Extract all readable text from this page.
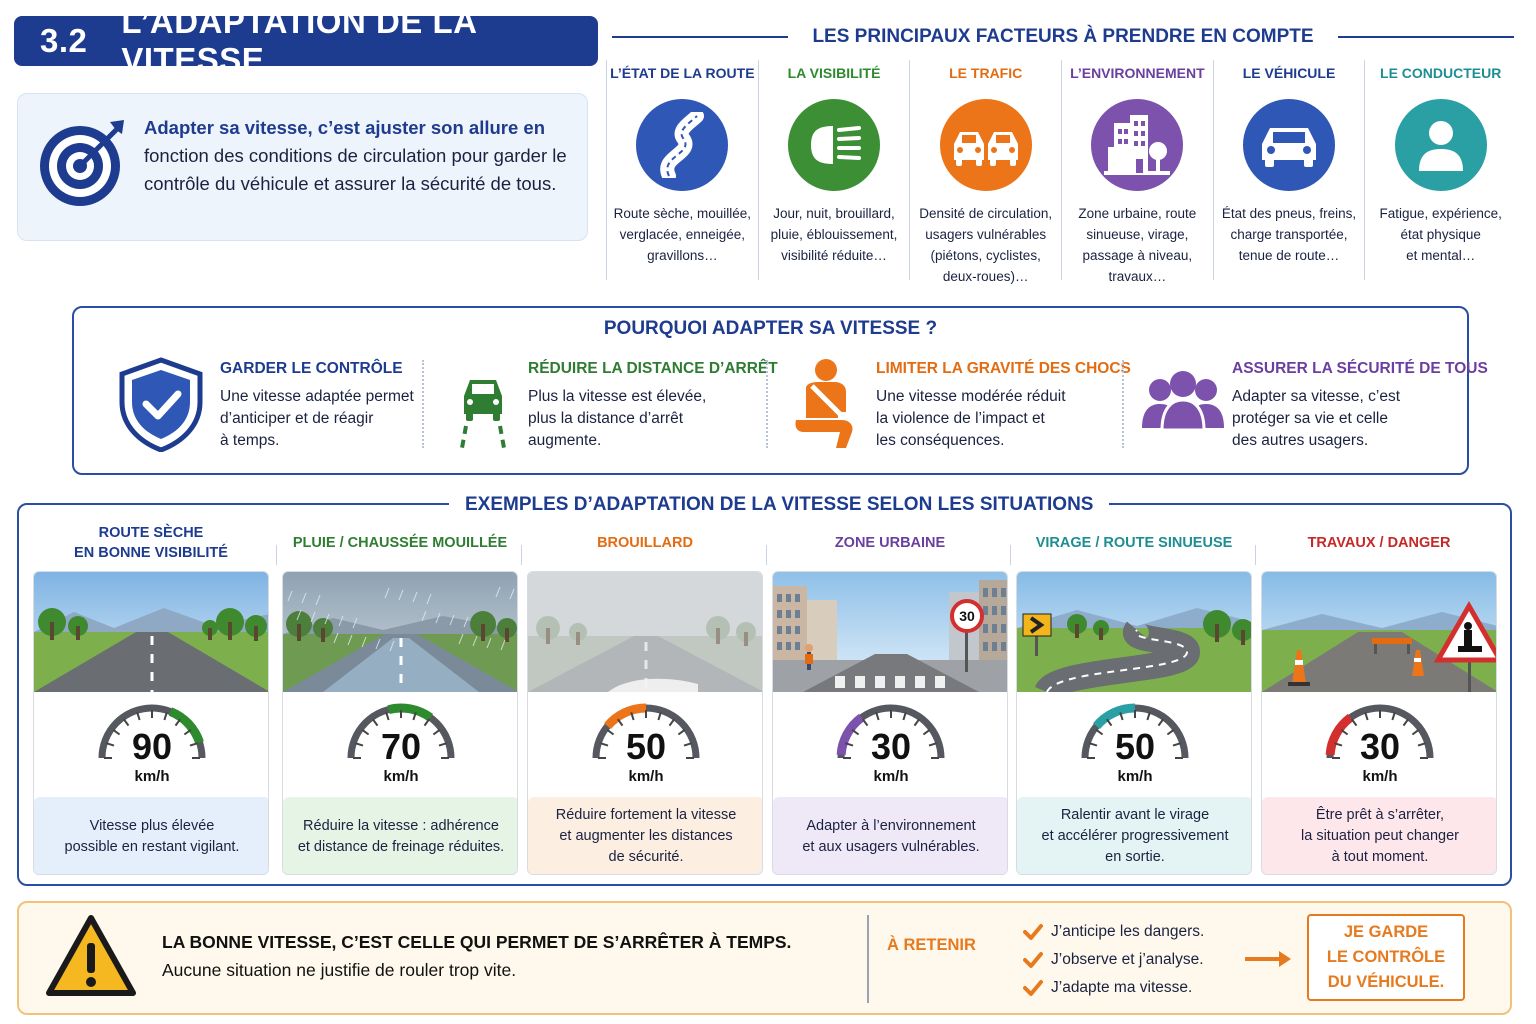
3.2
L’ADAPTATION DE LA VITESSE
Adapter sa vitesse, c’est ajuster son allure en fonction des conditions de circulation pour garder le contrôle du véhicule et assurer la sécurité de tous.
LES PRINCIPAUX FACTEURS À PRENDRE EN COMPTE
L’ÉTAT DE LA ROUTE
Route sèche, mouillée,
verglacée, enneigée,
gravillons…
LA VISIBILITÉ
Jour, nuit, brouillard,
pluie, éblouissement,
visibilité réduite…
LE TRAFIC
Densité de circulation,
usagers vulnérables
(piétons, cyclistes,
deux-roues)…
L’ENVIRONNEMENT
Zone urbaine, route
sinueuse, virage,
passage à niveau,
travaux…
LE VÉHICULE
État des pneus, freins,
charge transportée,
tenue de route…
LE CONDUCTEUR
Fatigue, expérience,
état physique
et mental…
POURQUOI ADAPTER SA VITESSE ?
GARDER LE CONTRÔLE
Une vitesse adaptée permet
d’anticiper et de réagir
à temps.
RÉDUIRE LA DISTANCE D’ARRÊT
Plus la vitesse est élevée,
plus la distance d’arrêt
augmente.
LIMITER LA GRAVITÉ DES CHOCS
Une vitesse modérée réduit
la violence de l’impact et
les conséquences.
ASSURER LA SÉCURITÉ DE TOUS
Adapter sa vitesse, c’est
protéger sa vie et celle
des autres usagers.
EXEMPLES D’ADAPTATION DE LA VITESSE SELON LES SITUATIONS
ROUTE SÈCHE
EN BONNE VISIBILITÉ
90
km/h
Vitesse plus élevée
possible en restant vigilant.
PLUIE / CHAUSSÉE MOUILLÉE
70
km/h
Réduire la vitesse : adhérence
et distance de freinage réduites.
BROUILLARD
50
km/h
Réduire fortement la vitesse
et augmenter les distances
de sécurité.
ZONE URBAINE
30
30
km/h
Adapter à l’environnement
et aux usagers vulnérables.
VIRAGE / ROUTE SINUEUSE
50
km/h
Ralentir avant le virage
et accélérer progressivement
en sortie.
TRAVAUX / DANGER
30
km/h
Être prêt à s’arrêter,
la situation peut changer
à tout moment.
LA BONNE VITESSE, C’EST CELLE QUI PERMET DE S’ARRÊTER À TEMPS.
Aucune situation ne justifie de rouler trop vite.
À RETENIR
J’anticipe les dangers.
J’observe et j’analyse.
J’adapte ma vitesse.
JE GARDE
LE CONTRÔLE
DU VÉHICULE.
